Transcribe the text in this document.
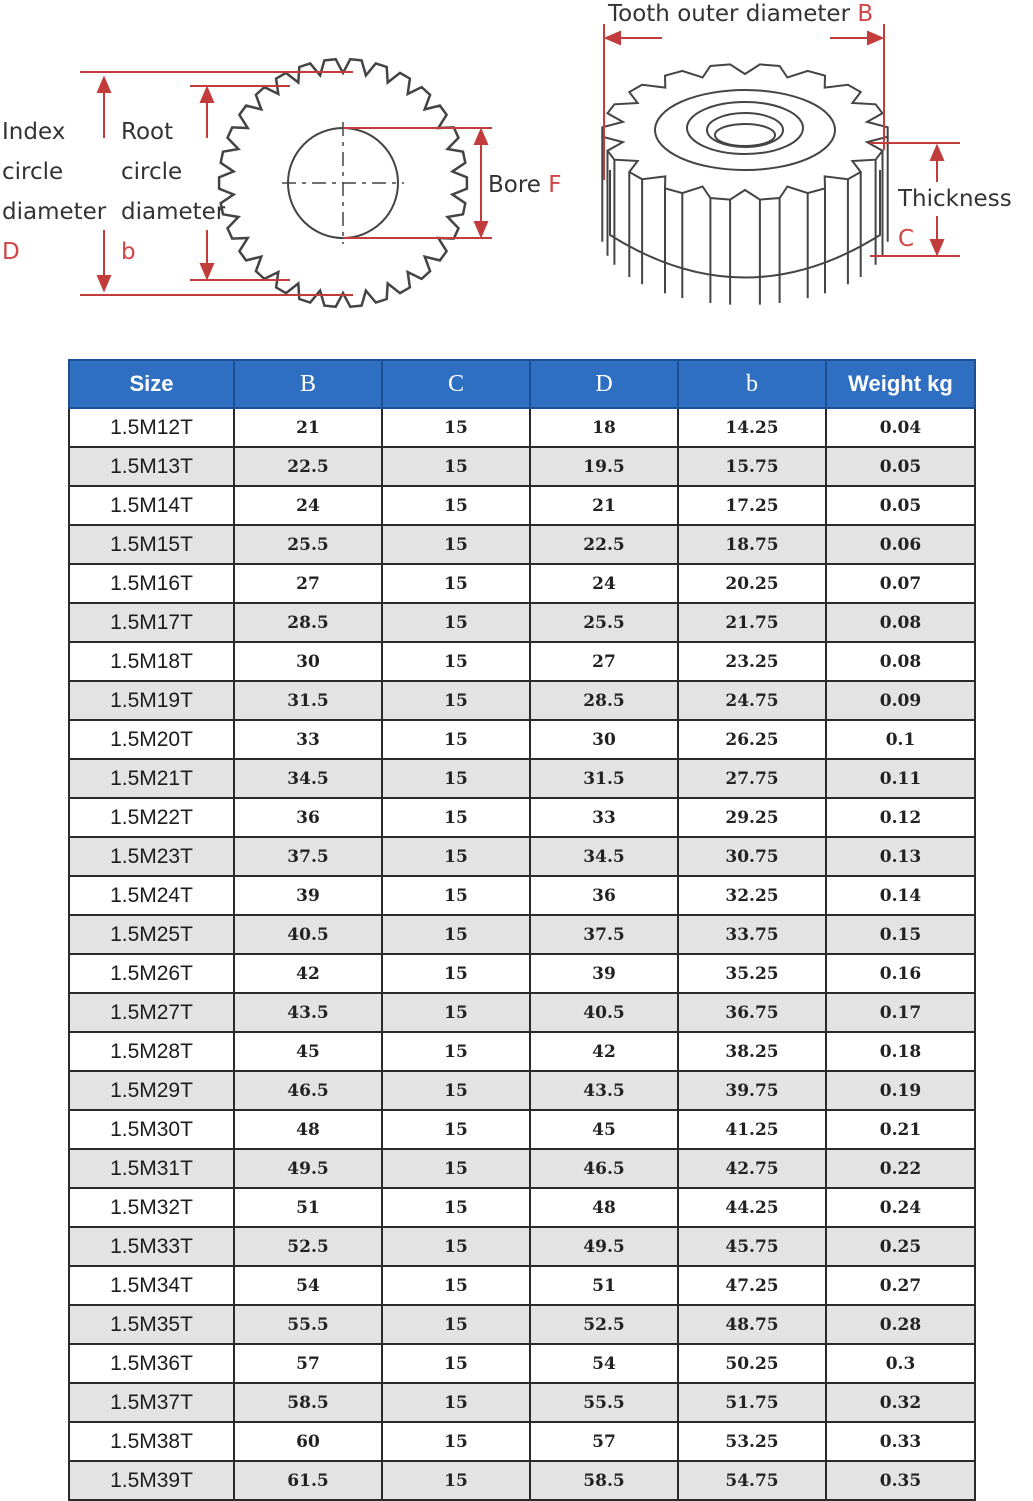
Index
circle
diameter
D
Root
circle
diameter
b
Bore F
Tooth outer diameter B
Thickness C
Size	B	C	D	b	Weight kg
1.5M12T	21	15	18	14.25	0.04
1.5M13T	22.5	15	19.5	15.75	0.05
1.5M14T	24	15	21	17.25	0.05
1.5M15T	25.5	15	22.5	18.75	0.06
1.5M16T	27	15	24	20.25	0.07
1.5M17T	28.5	15	25.5	21.75	0.08
1.5M18T	30	15	27	23.25	0.08
1.5M19T	31.5	15	28.5	24.75	0.09
1.5M20T	33	15	30	26.25	0.1
1.5M21T	34.5	15	31.5	27.75	0.11
1.5M22T	36	15	33	29.25	0.12
1.5M23T	37.5	15	34.5	30.75	0.13
1.5M24T	39	15	36	32.25	0.14
1.5M25T	40.5	15	37.5	33.75	0.15
1.5M26T	42	15	39	35.25	0.16
1.5M27T	43.5	15	40.5	36.75	0.17
1.5M28T	45	15	42	38.25	0.18
1.5M29T	46.5	15	43.5	39.75	0.19
1.5M30T	48	15	45	41.25	0.21
1.5M31T	49.5	15	46.5	42.75	0.22
1.5M32T	51	15	48	44.25	0.24
1.5M33T	52.5	15	49.5	45.75	0.25
1.5M34T	54	15	51	47.25	0.27
1.5M35T	55.5	15	52.5	48.75	0.28
1.5M36T	57	15	54	50.25	0.3
1.5M37T	58.5	15	55.5	51.75	0.32
1.5M38T	60	15	57	53.25	0.33
1.5M39T	61.5	15	58.5	54.75	0.35
